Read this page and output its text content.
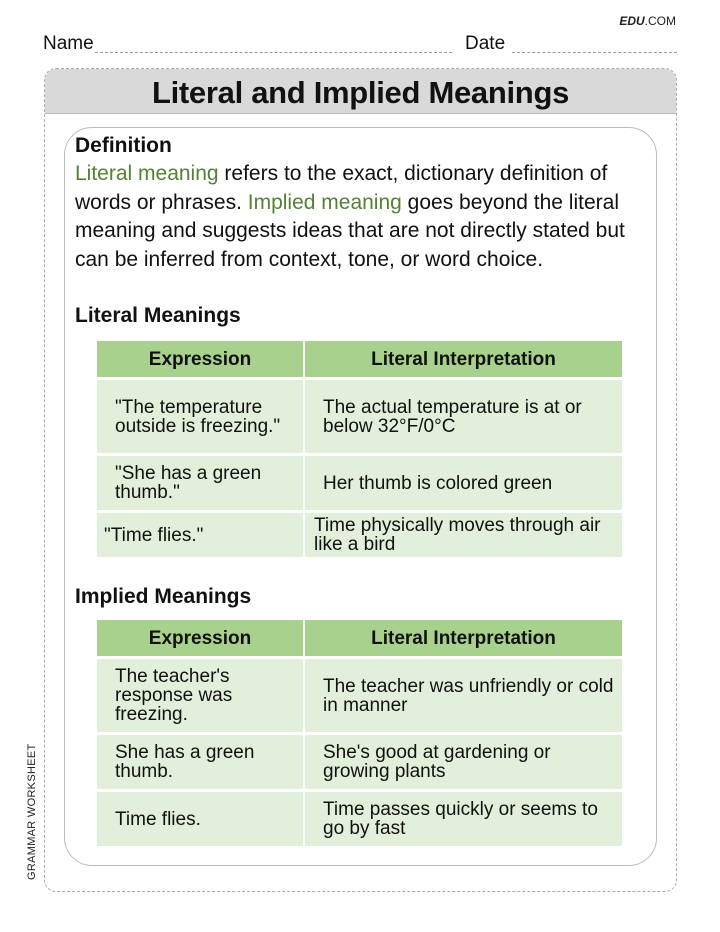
EDU.COM
Name	Date
Literal and Implied Meanings
Definition
Literal meaning refers to the exact, dictionary definition of words or phrases. Implied meaning goes beyond the literal meaning and suggests ideas that are not directly stated but can be inferred from context, tone, or word choice.
Literal Meanings
Expression	Literal Interpretation
"The temperature outside is freezing."	The actual temperature is at or below 32°F/0°C
"She has a green thumb."	Her thumb is colored green
"Time flies."	Time physically moves through air like a bird
Implied Meanings
Expression	Literal Interpretation
The teacher's response was freezing.	The teacher was unfriendly or cold in manner
She has a green thumb.	She's good at gardening or growing plants
Time flies.	Time passes quickly or seems to go by fast
GRAMMAR WORKSHEET
